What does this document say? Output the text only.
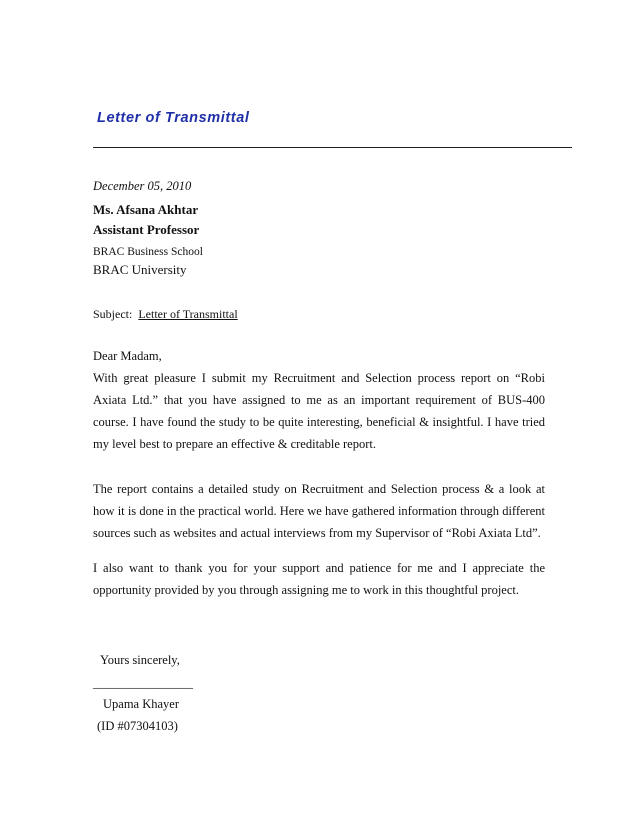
Letter of Transmittal
December 05, 2010
Ms. Afsana Akhtar
Assistant Professor
BRAC Business School
BRAC University
Subject: Letter of Transmittal
Dear Madam,
With great pleasure I submit my Recruitment and Selection process report on “Robi Axiata Ltd.” that you have assigned to me as an important requirement of BUS-400 course. I have found the study to be quite interesting, beneficial & insightful. I have tried my level best to prepare an effective & creditable report.
The report contains a detailed study on Recruitment and Selection process & a look at how it is done in the practical world. Here we have gathered information through different sources such as websites and actual interviews from my Supervisor of “Robi Axiata Ltd”.
I also want to thank you for your support and patience for me and I appreciate the opportunity provided by you through assigning me to work in this thoughtful project.
Yours sincerely,
________________
Upama Khayer
(ID #07304103)
